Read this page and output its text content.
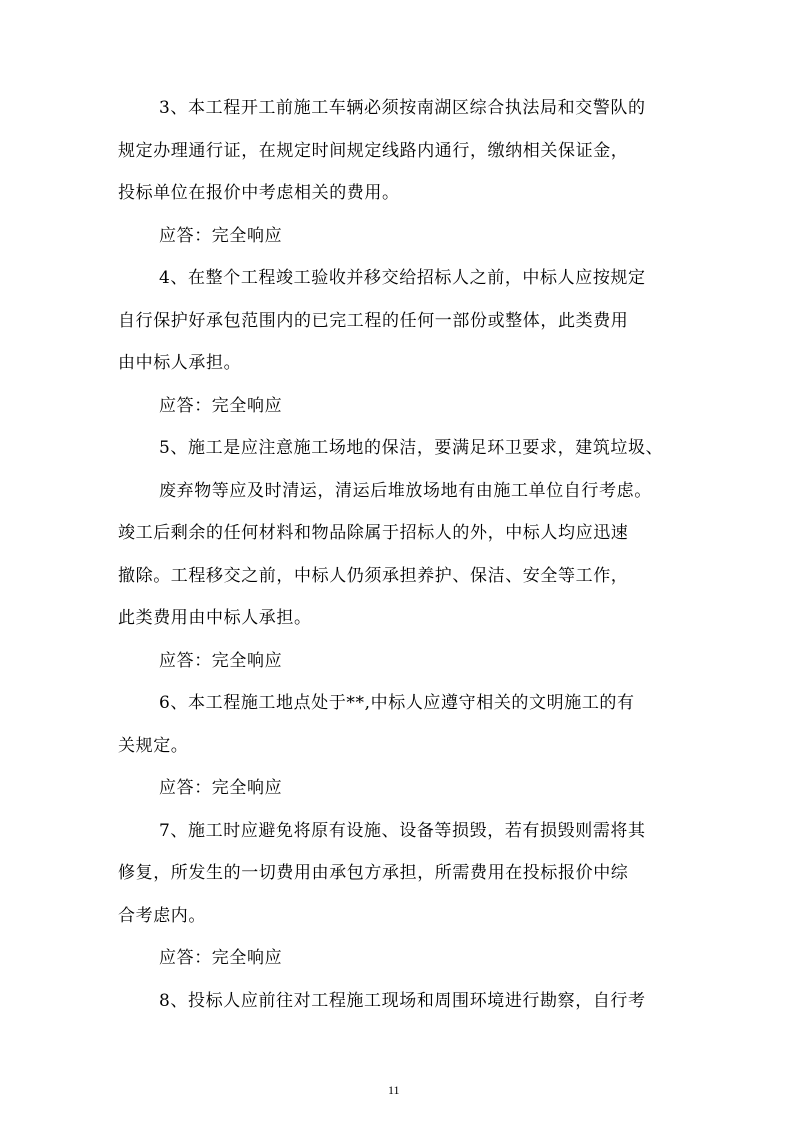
3、本工程开工前施工车辆必须按南湖区综合执法局和交警队的
规定办理通行证，在规定时间规定线路内通行，缴纳相关保证金，
投标单位在报价中考虑相关的费用。
应答：完全响应
4、在整个工程竣工验收并移交给招标人之前，中标人应按规定
自行保护好承包范围内的已完工程的任何一部份或整体，此类费用
由中标人承担。
应答：完全响应
5、施工是应注意施工场地的保洁，要满足环卫要求，建筑垃圾、
废弃物等应及时清运，清运后堆放场地有由施工单位自行考虑。
竣工后剩余的任何材料和物品除属于招标人的外，中标人均应迅速
撤除。工程移交之前，中标人仍须承担养护、保洁、安全等工作，
此类费用由中标人承担。
应答：完全响应
6、本工程施工地点处于**,中标人应遵守相关的文明施工的有
关规定。
应答：完全响应
7、施工时应避免将原有设施、设备等损毁，若有损毁则需将其
修复，所发生的一切费用由承包方承担，所需费用在投标报价中综
合考虑内。
应答：完全响应
8、投标人应前往对工程施工现场和周围环境进行勘察，自行考
11
